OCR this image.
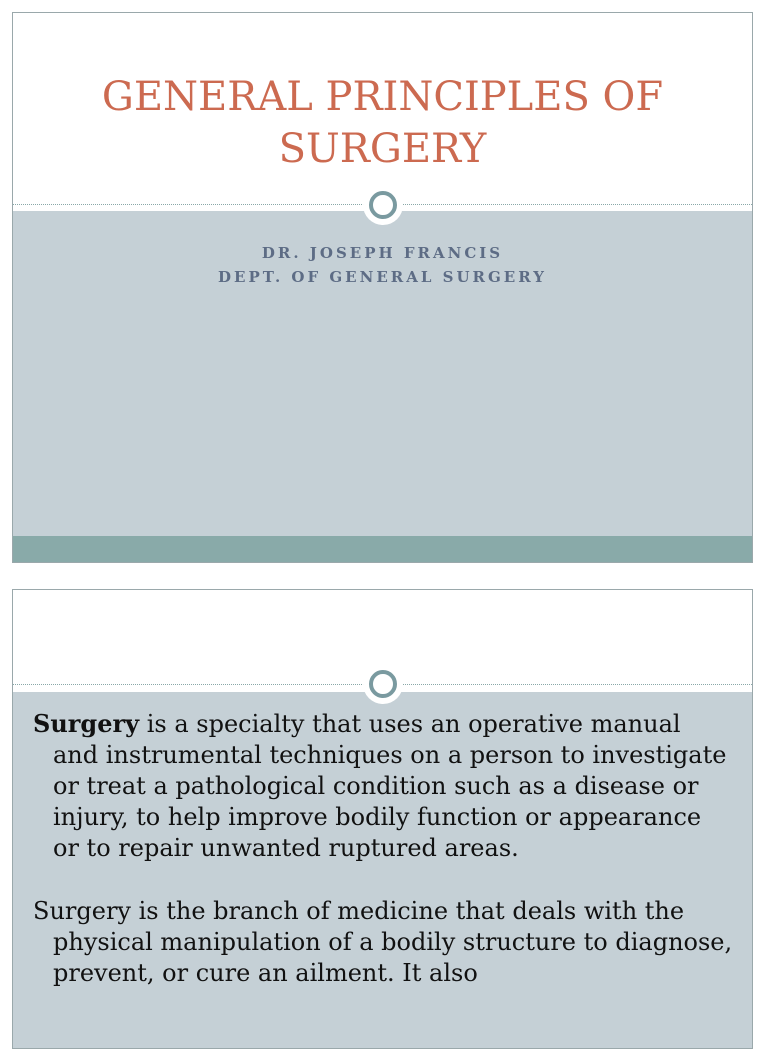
GENERAL PRINCIPLES OF
SURGERY
DR. JOSEPH FRANCIS
DEPT. OF GENERAL SURGERY

Surgery is a specialty that uses an operative manual and instrumental techniques on a person to investigate or treat a pathological condition such as a disease or injury, to help improve bodily function or appearance or to repair unwanted ruptured areas.

Surgery is the branch of medicine that deals with the physical manipulation of a bodily structure to diagnose, prevent, or cure an ailment. It also
